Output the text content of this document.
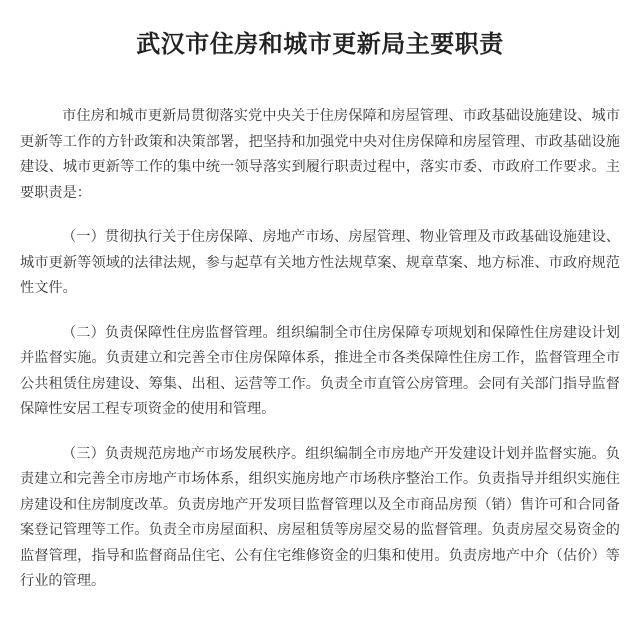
武汉市住房和城市更新局主要职责

市住房和城市更新局贯彻落实党中央关于住房保障和房屋管理、市政基础设施建设、城市更新等工作的方针政策和决策部署，把坚持和加强党中央对住房保障和房屋管理、市政基础设施建设、城市更新等工作的集中统一领导落实到履行职责过程中，落实市委、市政府工作要求。主要职责是：

（一）贯彻执行关于住房保障、房地产市场、房屋管理、物业管理及市政基础设施建设、城市更新等领域的法律法规，参与起草有关地方性法规草案、规章草案、地方标准、市政府规范性文件。

（二）负责保障性住房监督管理。组织编制全市住房保障专项规划和保障性住房建设计划并监督实施。负责建立和完善全市住房保障体系，推进全市各类保障性住房工作，监督管理全市公共租赁住房建设、筹集、出租、运营等工作。负责全市直管公房管理。会同有关部门指导监督保障性安居工程专项资金的使用和管理。

（三）负责规范房地产市场发展秩序。组织编制全市房地产开发建设计划并监督实施。负责建立和完善全市房地产市场体系，组织实施房地产市场秩序整治工作。负责指导并组织实施住房建设和住房制度改革。负责房地产开发项目监督管理以及全市商品房预（销）售许可和合同备案登记管理等工作。负责全市房屋面积、房屋租赁等房屋交易的监督管理。负责房屋交易资金的监督管理，指导和监督商品住宅、公有住宅维修资金的归集和使用。负责房地产中介（估价）等行业的管理。
